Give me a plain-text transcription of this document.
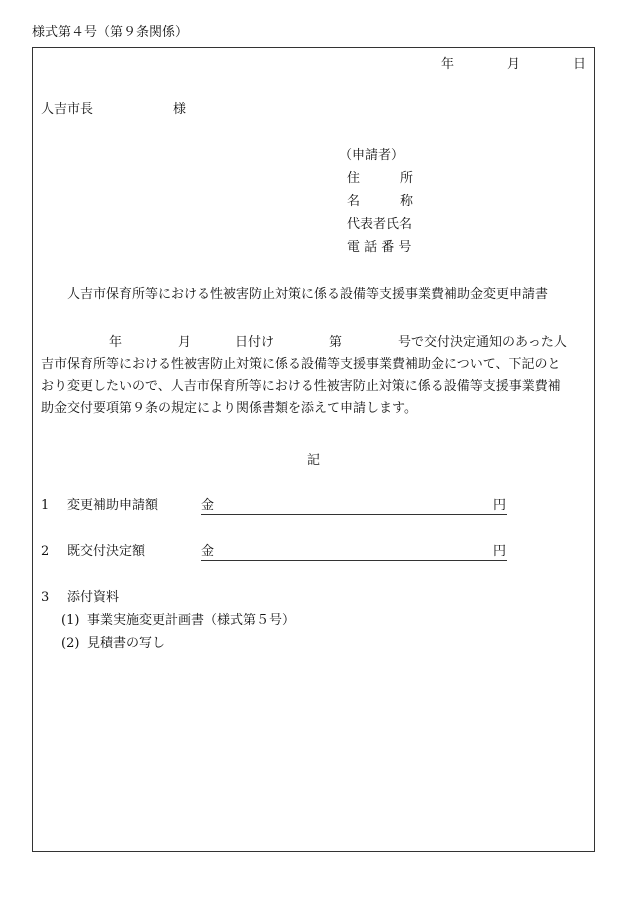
様式第４号（第９条関係）
年	月	日
人吉市長	様
（申請者）
住	所
名	称
代表者氏名
電 話 番 号
人吉市保育所等における性被害防止対策に係る設備等支援事業費補助金変更申請書
年	月	日付け	第	号で交付決定通知のあった人
吉市保育所等における性被害防止対策に係る設備等支援事業費補助金について、下記のと
おり変更したいので、人吉市保育所等における性被害防止対策に係る設備等支援事業費補
助金交付要項第９条の規定により関係書類を添えて申請します。
記
1 変更補助申請額	金	円
2 既交付決定額	金	円
3 添付資料
(1) 事業実施変更計画書（様式第５号）
(2) 見積書の写し
